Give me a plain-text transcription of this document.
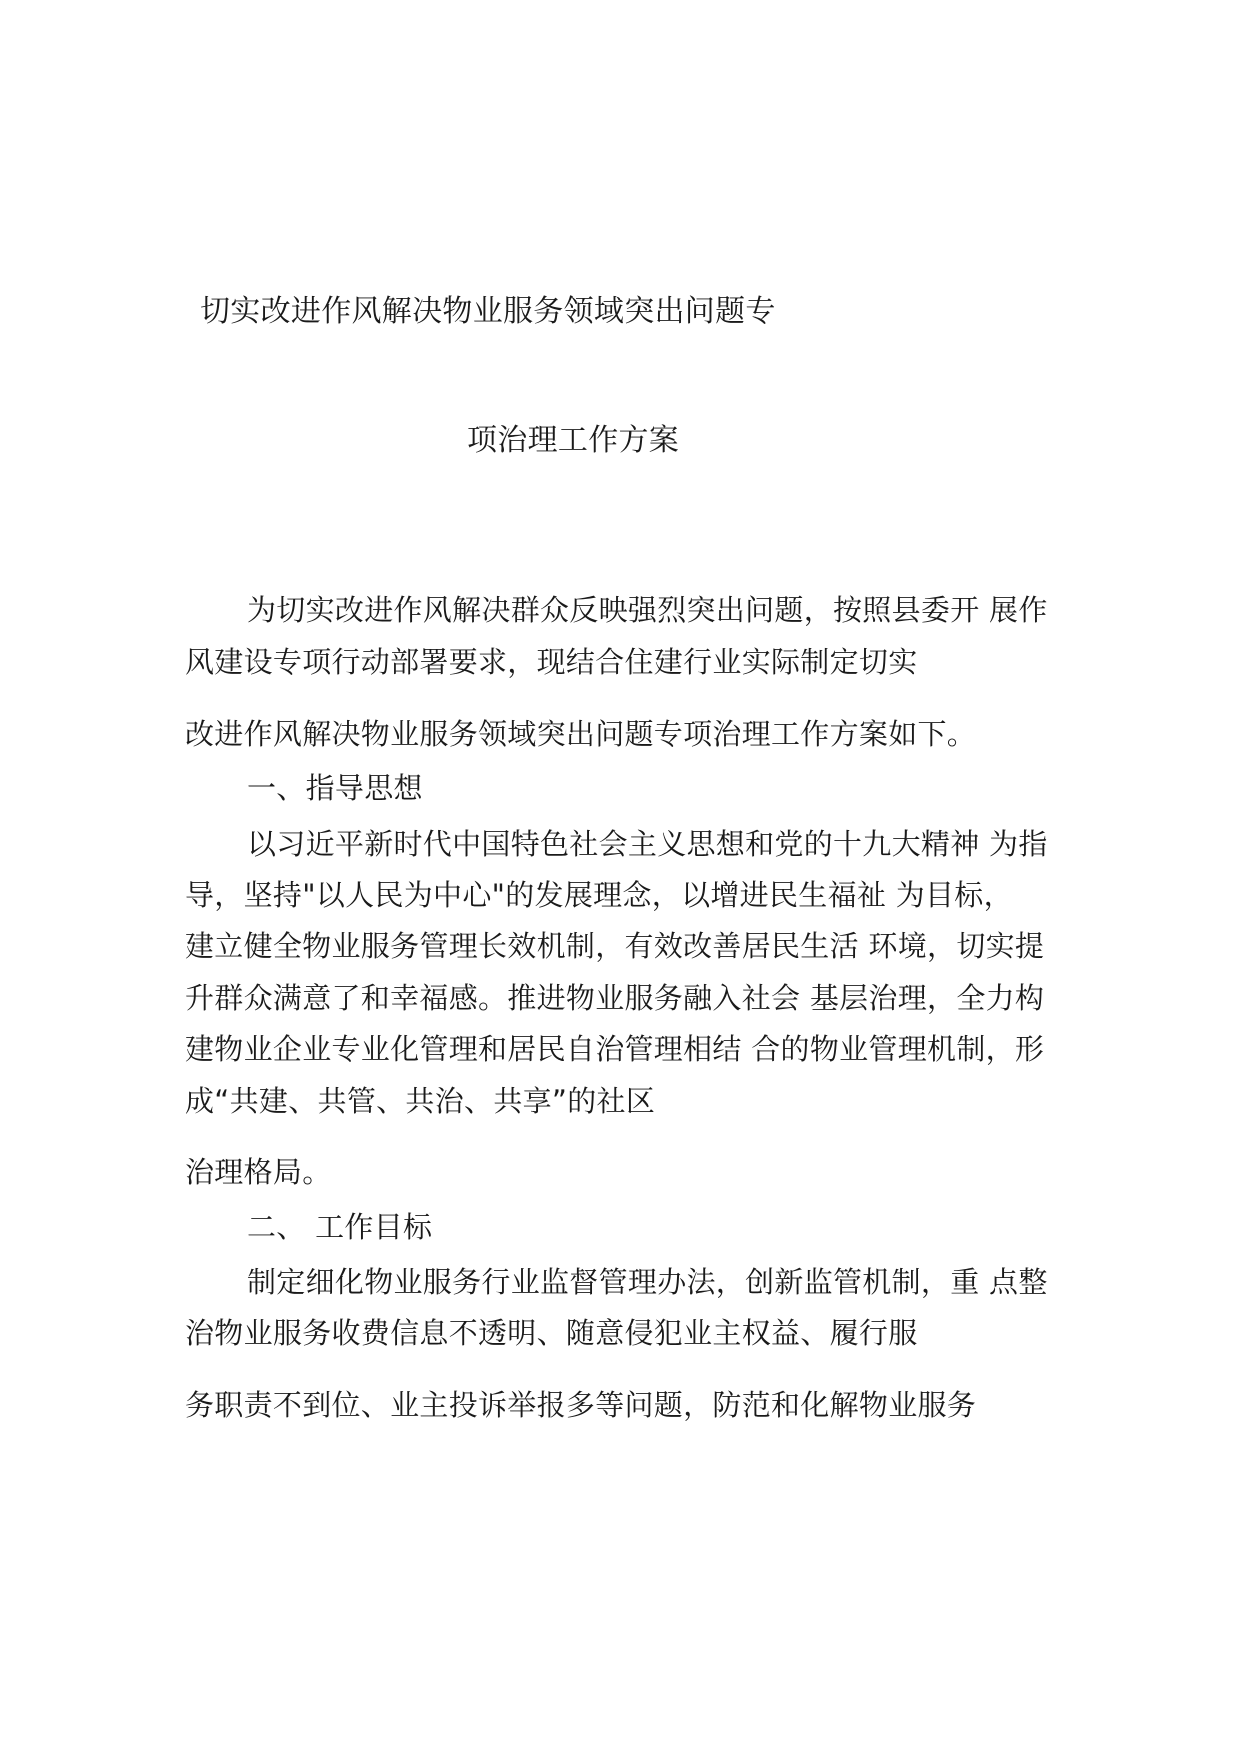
切实改进作风解决物业服务领域突出问题专
项治理工作方案
为切实改进作风解决群众反映强烈突出问题，按照县委开 展作
风建设专项行动部署要求，现结合住建行业实际制定切实
改进作风解决物业服务领域突出问题专项治理工作方案如下。
一、指导思想
以习近平新时代中国特色社会主义思想和党的十九大精神 为指
导，坚持"以人民为中心"的发展理念，以增进民生福祉 为目标，
建立健全物业服务管理长效机制，有效改善居民生活 环境，切实提
升群众满意了和幸福感。推进物业服务融入社会 基层治理，全力构
建物业企业专业化管理和居民自治管理相结 合的物业管理机制，形
成“共建、共管、共治、共享”的社区
治理格局。
二、 工作目标
制定细化物业服务行业监督管理办法，创新监管机制，重 点整
治物业服务收费信息不透明、随意侵犯业主权益、履行服
务职责不到位、业主投诉举报多等问题，防范和化解物业服务
